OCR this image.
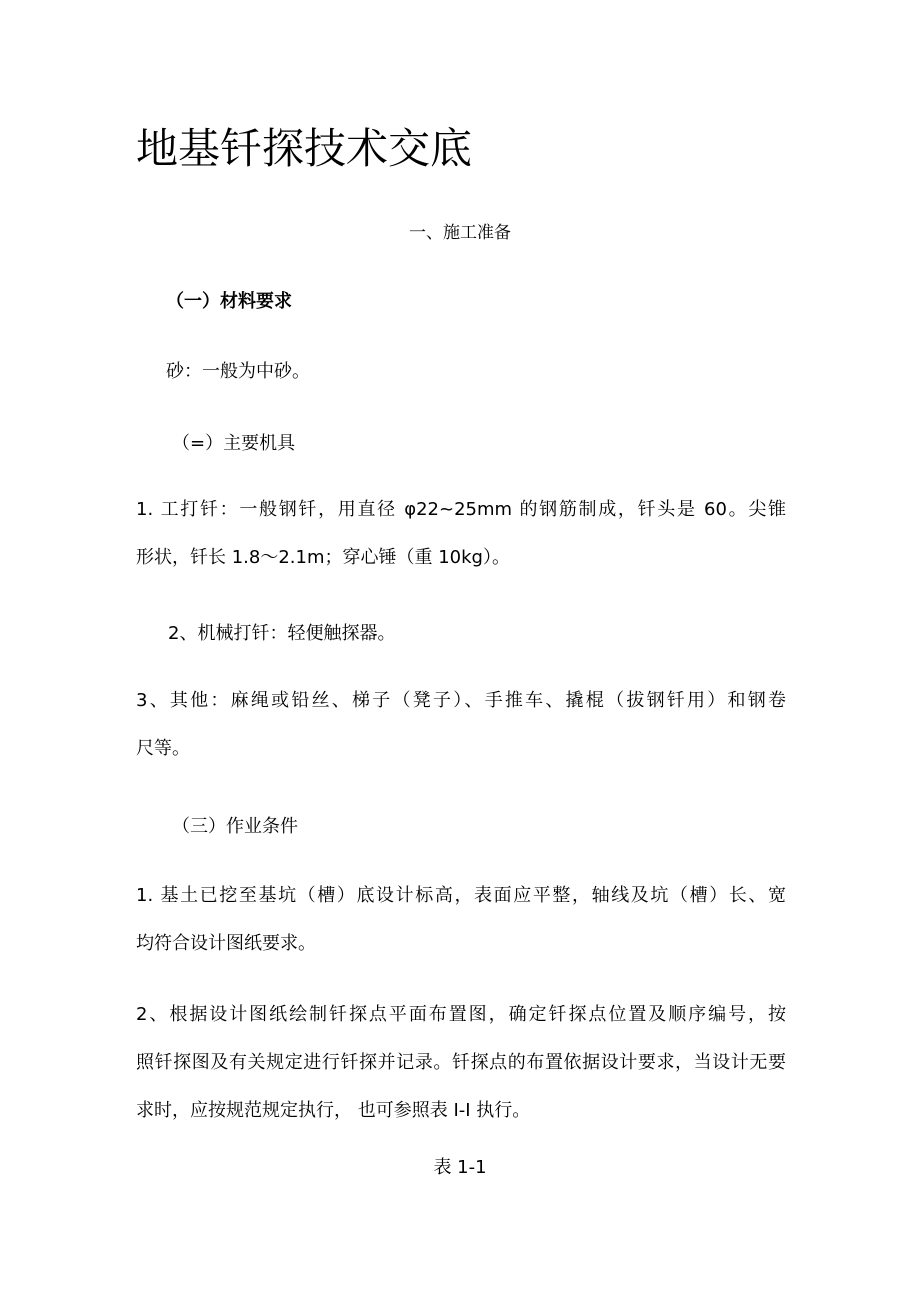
地基钎探技术交底
一、施工准备
（一）材料要求
砂：一般为中砂。
（=）主要机具
1. 工打钎：一般钢钎，用直径 φ22~25mm 的钢筋制成，钎头是 60。尖锥
形状，钎长 1.8～2.1m；穿心锤（重 10kg）。
2、机械打钎：轻便触探器。
3、其他：麻绳或铅丝、梯子（凳子）、手推车、撬棍（拔钢钎用）和钢卷
尺等。
（三）作业条件
1. 基土已挖至基坑（槽）底设计标高，表面应平整，轴线及坑（槽）长、宽
均符合设计图纸要求。
2、根据设计图纸绘制钎探点平面布置图，确定钎探点位置及顺序编号，按
照钎探图及有关规定进行钎探并记录。钎探点的布置依据设计要求，当设计无要
求时，应按规范规定执行， 也可参照表 I-I 执行。
表 1-1
